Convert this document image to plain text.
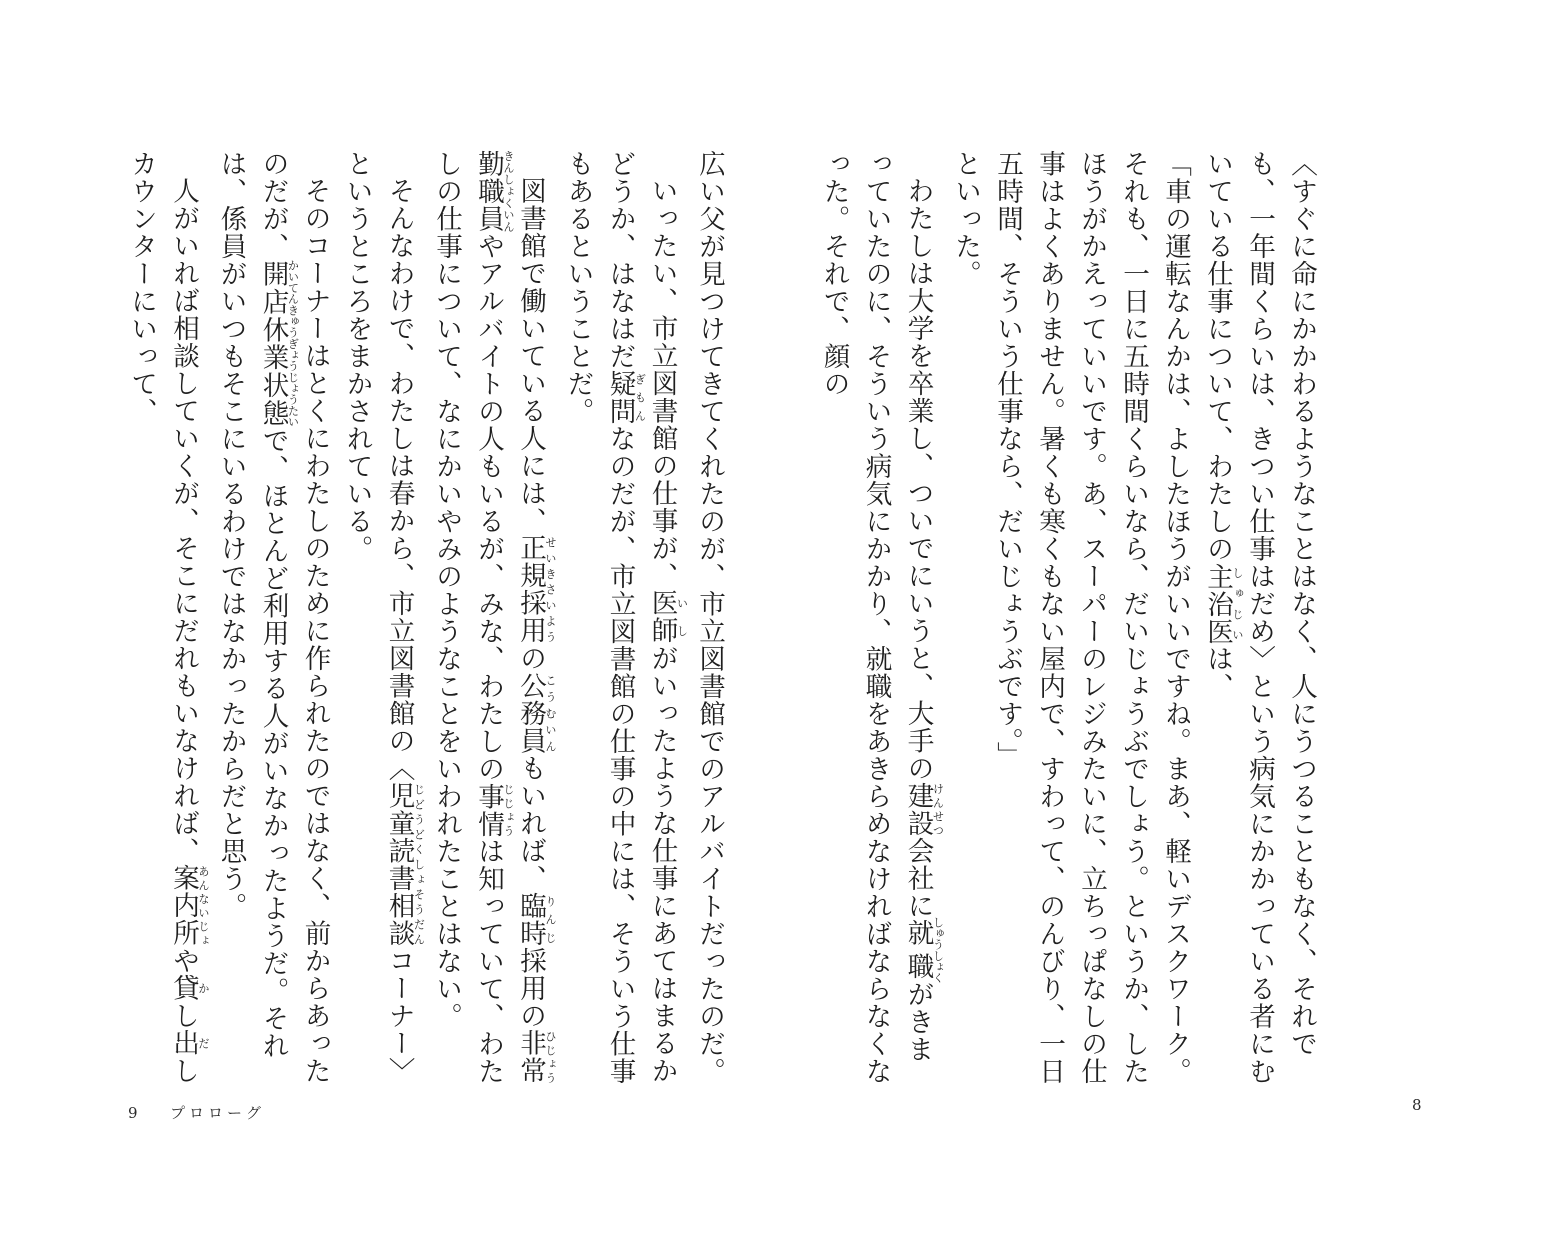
〈すぐに命にかかわるようなことはなく、人にうつることもなく、それでも、一年間くらいは、きつい仕事はだめ〉という病気にかかっている者にむいている仕事について、わたしの主治医しゅじいは、

「車の運転なんかは、よしたほうがいいですね。まあ、軽いデスクワーク。それも、一日に五時間くらいなら、だいじょうぶでしょう。というか、したほうがかえっていいです。あ、スーパーのレジみたいに、立ちっぱなしの仕事はよくありません。暑くも寒くもない屋内で、すわって、のんびり、一日五時間、そういう仕事なら、だいじょうぶです。」

といった。

わたしは大学を卒業し、ついでにいうと、大手の建設けんせつ会社に就職しゅうしょくがきまっていたのに、そういう病気にかかり、就職をあきらめなければならなくなった。それで、顔の

広い父が見つけてきてくれたのが、市立図書館でのアルバイトだったのだ。

いったい、市立図書館の仕事が、医師いしがいったような仕事にあてはまるかどうか、はなはだ疑問ぎもんなのだが、市立図書館の仕事の中には、そういう仕事もあるということだ。

図書館で働いている人には、正規採用せいきさいようの公務員こうむいんもいれば、臨時りんじ採用の非常勤職員ひじょうきんしょくいんやアルバイトの人もいるが、みな、わたしの事情じじょうは知っていて、わたしの仕事について、なにかいやみのようなことをいわれたことはない。

そんなわけで、わたしは春から、市立図書館の〈児童読書相談じどうどくしょそうだんコーナー〉というところをまかされている。

そのコーナーはとくにわたしのために作られたのではなく、前からあったのだが、開店休業状態かいてんきゅうぎょうじょうたいで、ほとんど利用する人がいなかったようだ。それは、係員がいつもそこにいるわけではなかったからだと思う。

人がいれば相談していくが、そこにだれもいなければ、案内所あんないじょや貸かし出だしカウンターにいって、

9 プロローグ	8
